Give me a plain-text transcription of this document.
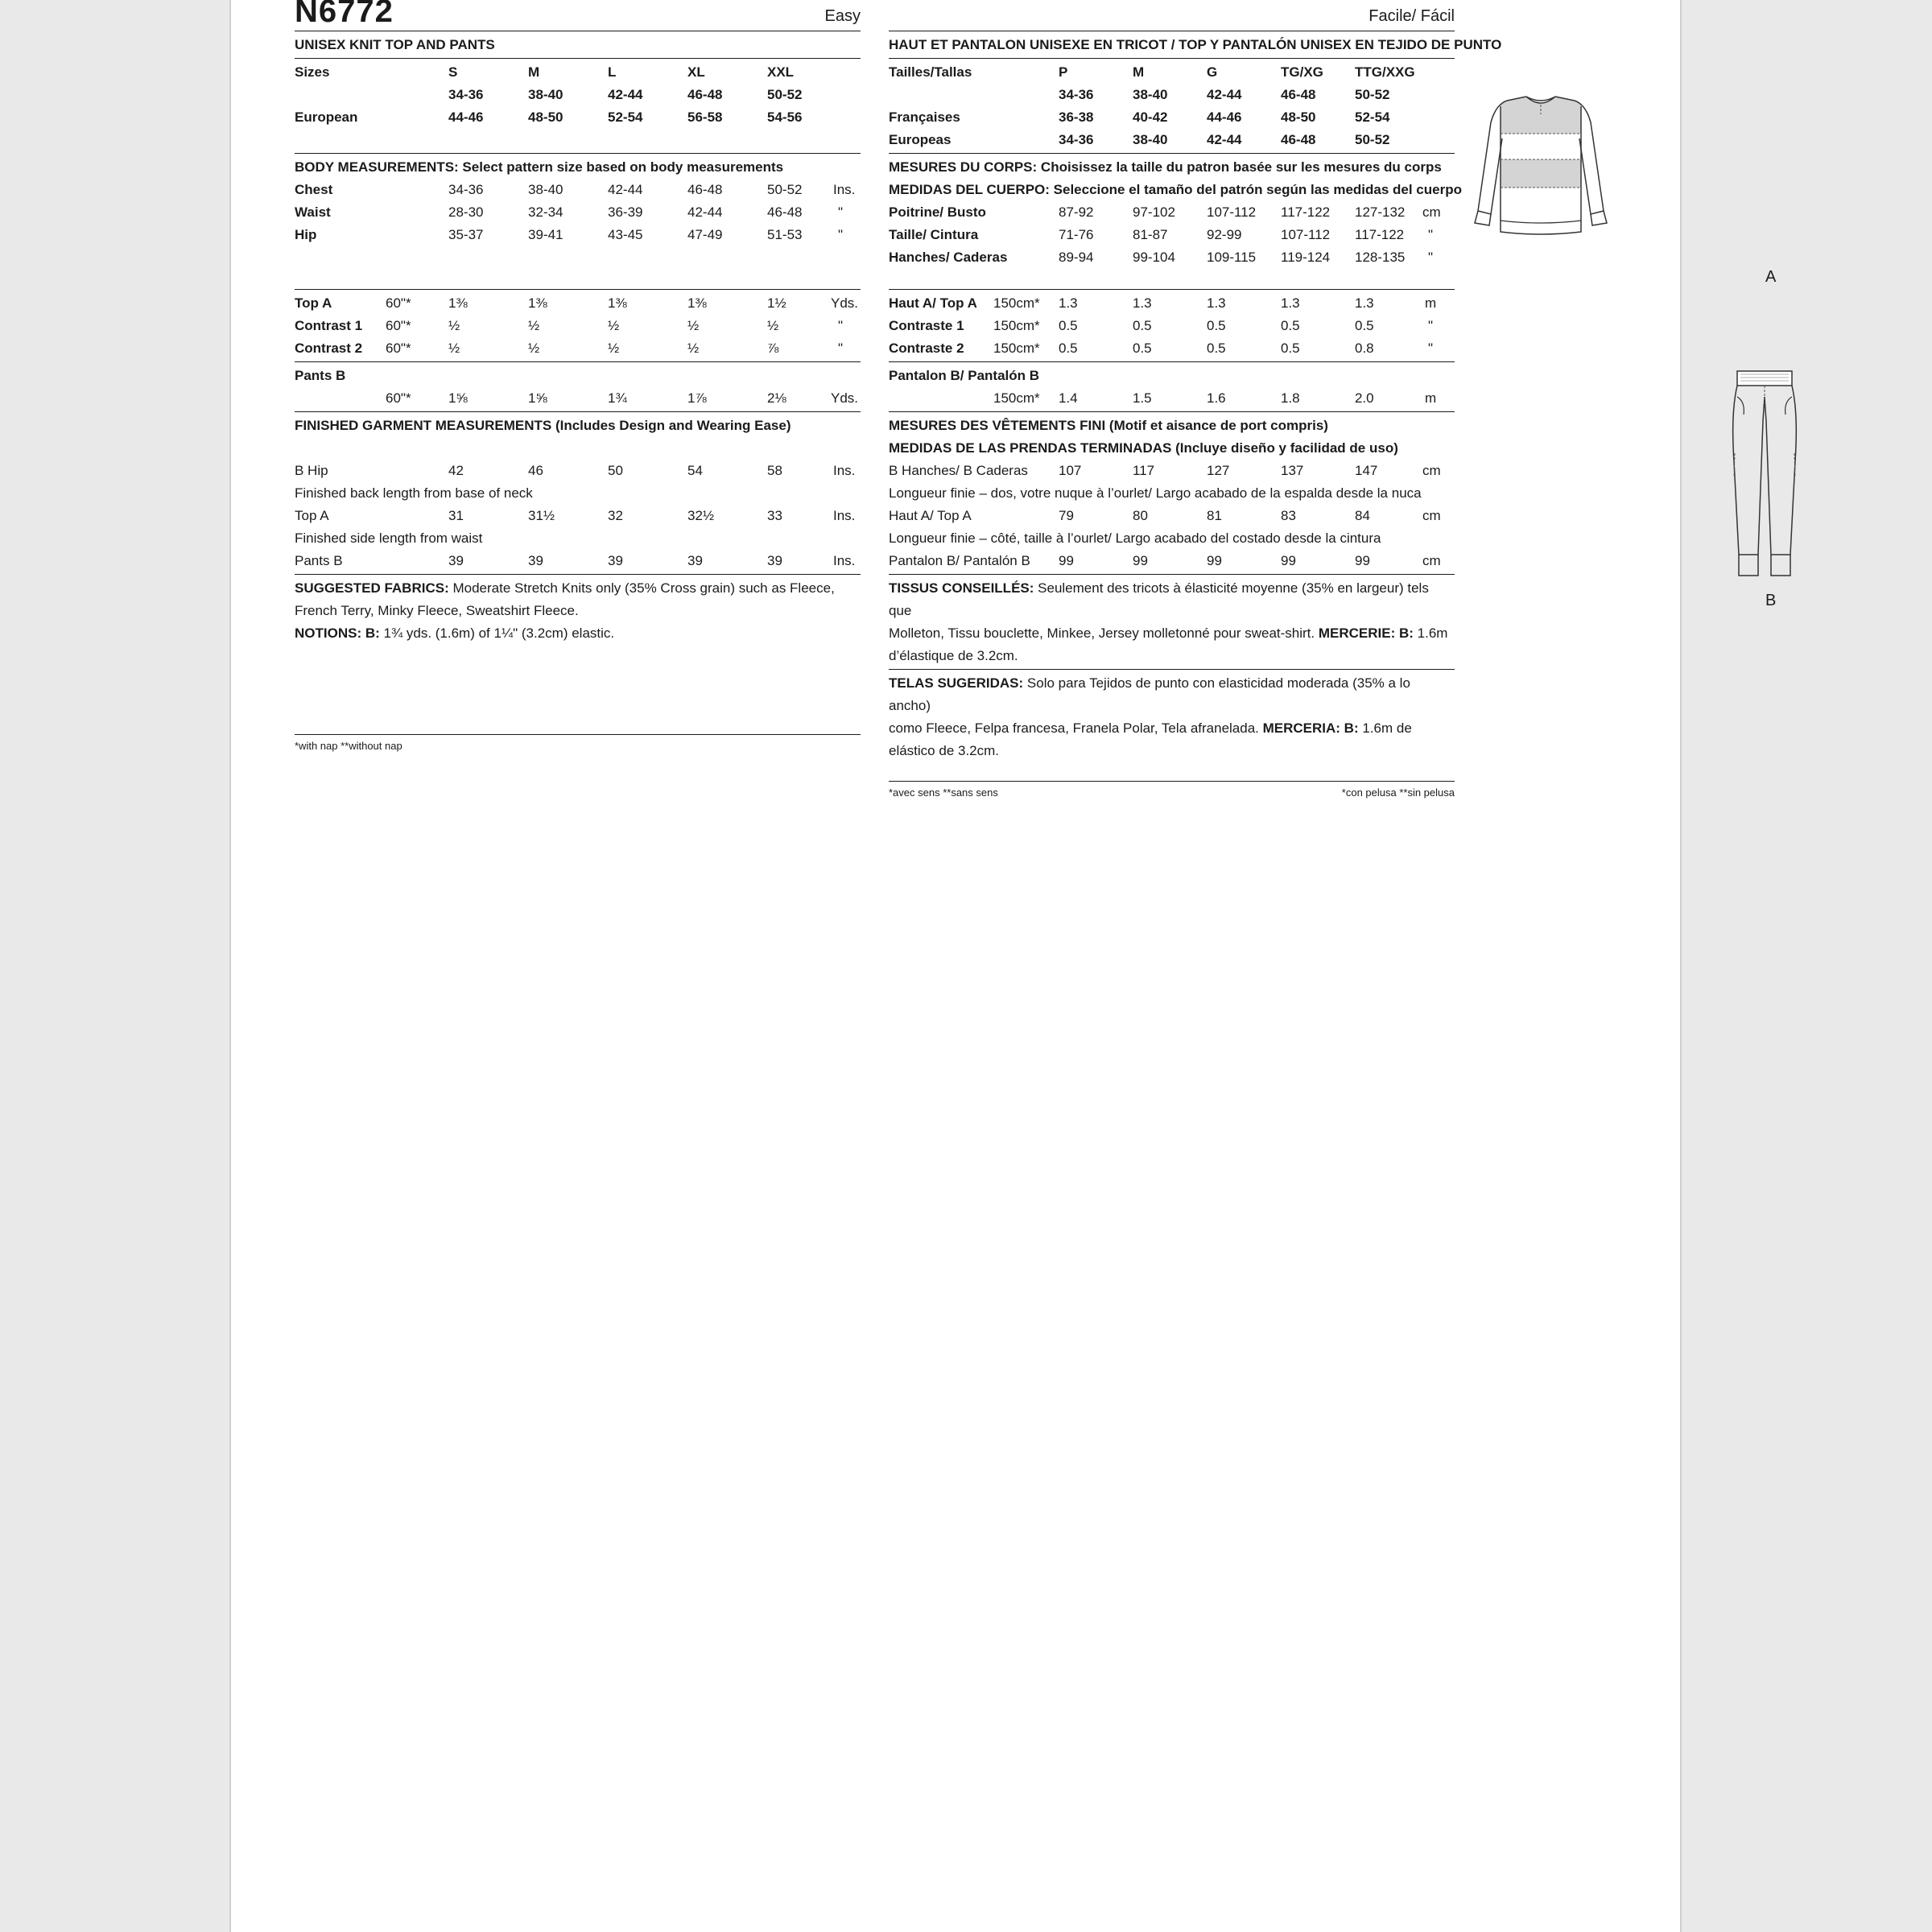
N6772	Easy
UNISEX KNIT TOP AND PANTS
Sizes	S	M	L	XL	XXL
34-36	38-40	42-44	46-48	50-52
European	44-46	48-50	52-54	56-58	54-56
BODY MEASUREMENTS: Select pattern size based on body measurements
Chest	34-36	38-40	42-44	46-48	50-52 Ins.
Waist	28-30	32-34	36-39	42-44	46-48	"
Hip	35-37	39-41	43-45	47-49	51-53	"
Top A	60"*	1⅜	1⅜	1⅜	1⅜	1½	Yds.
Contrast 1 60"*	½	½	½	½	½	"
Contrast 2 60"*	½	½	½	½	⅞	"
Pants B
60"*	1⅝	1⅝	1¾	1⅞	2⅛	Yds.
FINISHED GARMENT MEASUREMENTS (Includes Design and Wearing Ease)
B Hip	42	46	50	54	58	Ins.
Finished back length from base of neck
Top A	31	31½	32	32½	33	Ins.
Finished side length from waist
Pants B	39	39	39	39	39	Ins.
SUGGESTED FABRICS: Moderate Stretch Knits only (35% Cross grain) such as Fleece,
French Terry, Minky Fleece, Sweatshirt Fleece.
NOTIONS: B: 1¾ yds. (1.6m) of 1¼" (3.2cm) elastic.
*with nap **without nap
Facile/ Fácil
HAUT ET PANTALON UNISEXE EN TRICOT / TOP Y PANTALÓN UNISEX EN TEJIDO DE PUNTO
Tailles/Tallas	P	M	G	TG/XG TTG/XXG
34-36	38-40	42-44	46-48	50-52
Françaises	36-38	40-42	44-46	48-50	52-54
Europeas	34-36	38-40	42-44	46-48	50-52
MESURES DU CORPS: Choisissez la taille du patron basée sur les mesures du corps
MEDIDAS DEL CUERPO: Seleccione el tamaño del patrón según las medidas del cuerpo
Poitrine/ Busto	87-92	97-102 107-112 117-122 127-132 cm
Taille/ Cintura	71-76	81-87	92-99	107-112 117-122 "
Hanches/ Caderas	89-94	99-104 109-115 119-124 128-135 "
Haut A/ Top A 150cm* 1.3	1.3	1.3	1.3	1.3	m
Contraste 1 150cm* 0.5	0.5	0.5	0.5	0.5	"
Contraste 2 150cm* 0.5	0.5	0.5	0.5	0.8	"
Pantalon B/ Pantalón B
150cm* 1.4	1.5	1.6	1.8	2.0	m
MESURES DES VÊTEMENTS FINI (Motif et aisance de port compris)
MEDIDAS DE LAS PRENDAS TERMINADAS (Incluye diseño y facilidad de uso)
B Hanches/ B Caderas 107	117	127	137	147	cm
Longueur finie – dos, votre nuque à l’ourlet/ Largo acabado de la espalda desde la nuca
Haut A/ Top A	79	80	81	83	84	cm
Longueur finie – côté, taille à l’ourlet/ Largo acabado del costado desde la cintura
Pantalon B/ Pantalón B 99	99	99	99	99	cm
TISSUS CONSEILLÉS: Seulement des tricots à élasticité moyenne (35% en largeur) tels que
Molleton, Tissu bouclette, Minkee, Jersey molletonné pour sweat-shirt. MERCERIE: B: 1.6m
d’élastique de 3.2cm.
TELAS SUGERIDAS: Solo para Tejidos de punto con elasticidad moderada (35% a lo ancho)
como Fleece, Felpa francesa, Franela Polar, Tela afranelada. MERCERIA: B: 1.6m de
elástico de 3.2cm.
*avec sens **sans sens	*con pelusa **sin pelusa
A
B
